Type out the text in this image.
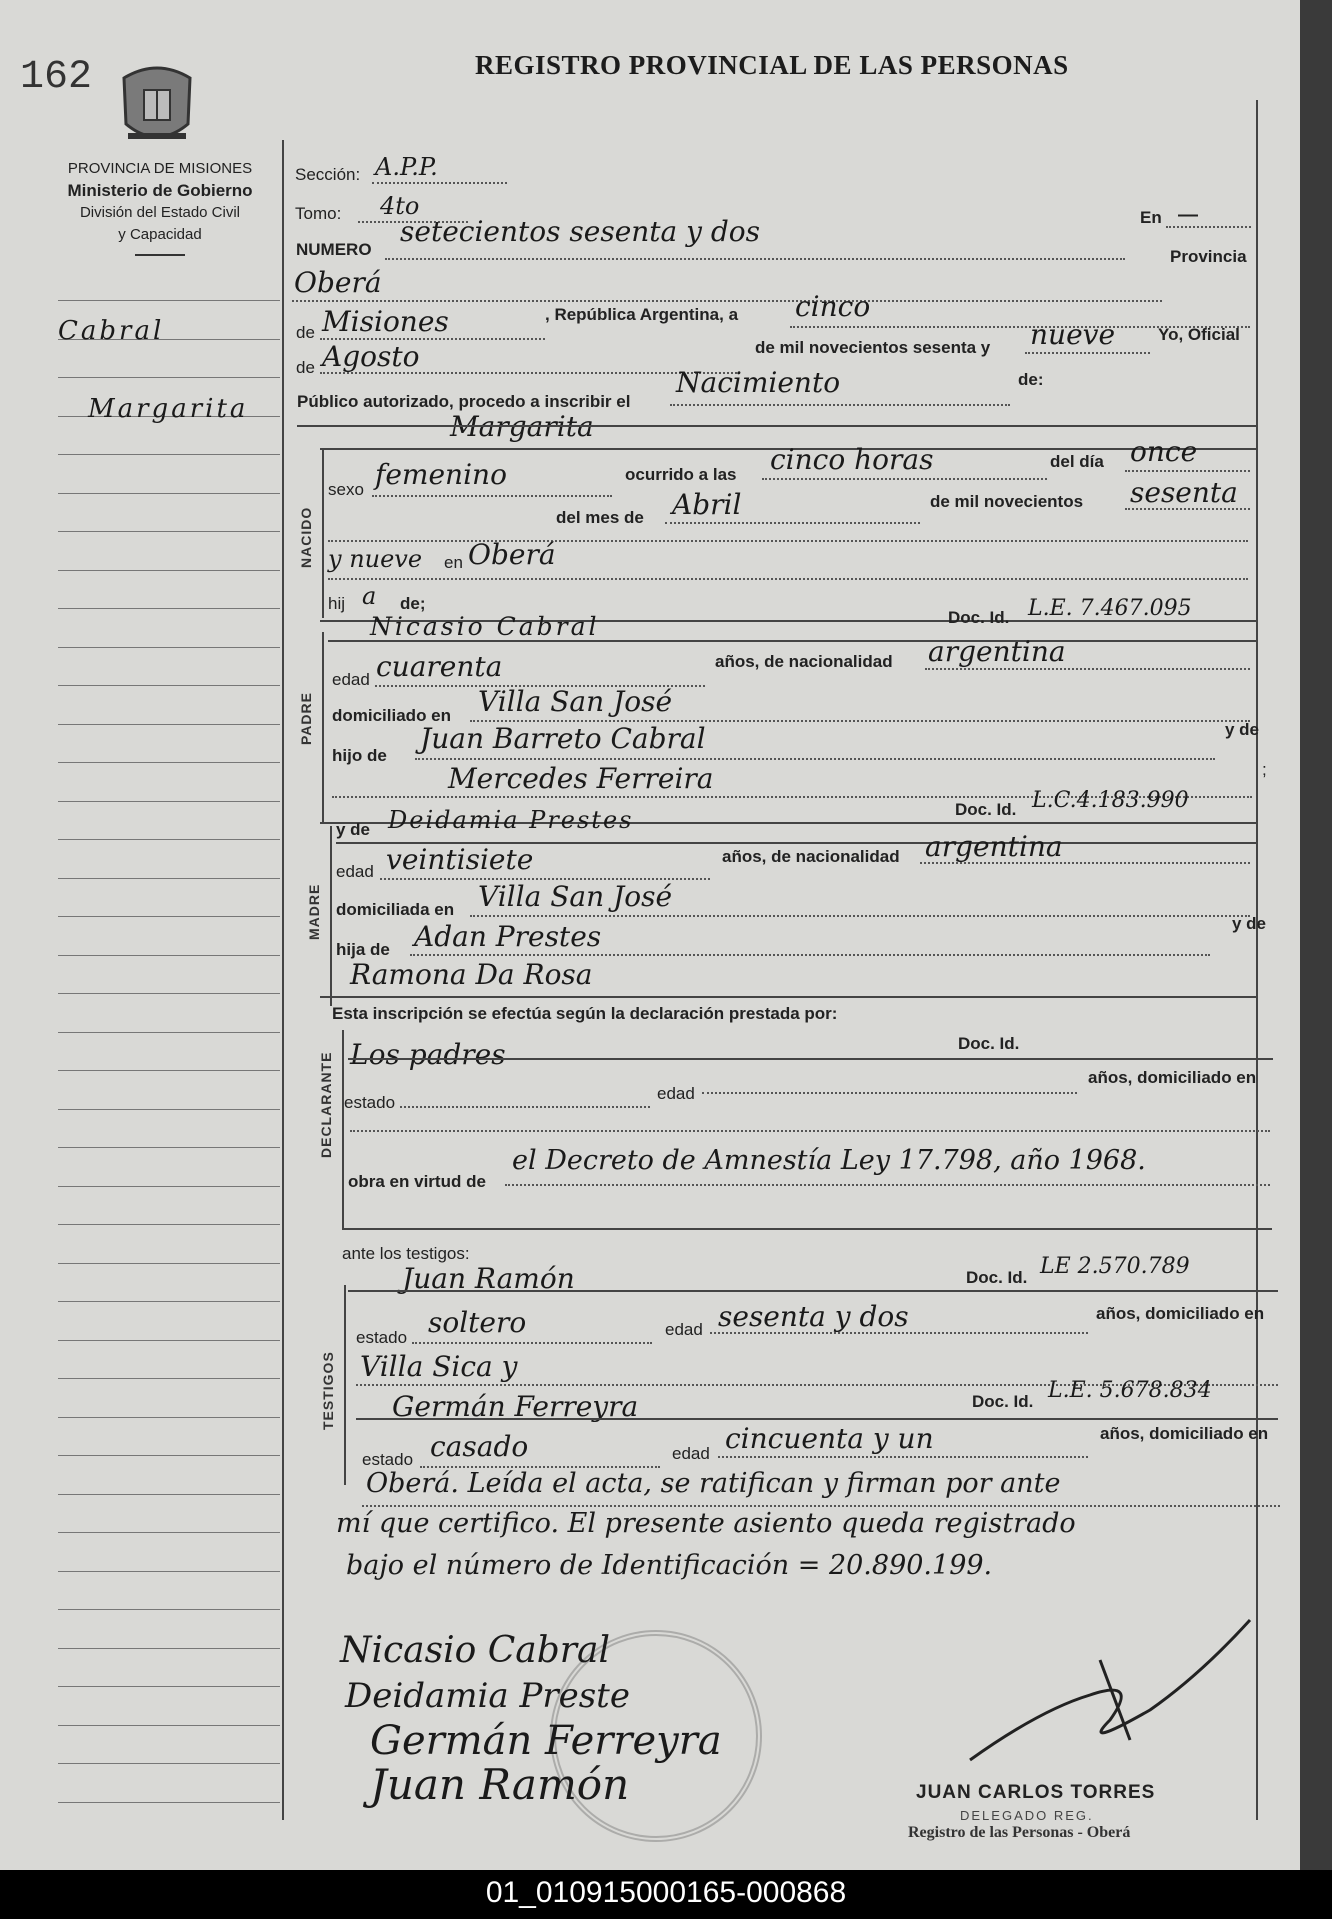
162	REGISTRO PROVINCIAL DE LAS PERSONAS
PROVINCIA DE MISIONES
Ministerio de Gobierno
División del Estado Civil
y Capacidad
Cabral
Margarita
Sección: A.P.P.
Tomo: 4to
NUMERO
setecientos sesenta y dos	En —
Oberá
Provincia
de Misiones	, República Argentina, a cinco
de Agosto	de mil novecientos sesenta y nueve	Yo, Oficial
Público autorizado, procedo a inscribir el
Nacimiento	de:
Margarita
NACIDO
sexo femenino	ocurrido a las cinco horas	del día once
del mes de Abril	de mil novecientos sesenta
y nueve en Oberá
hij a de;
PADRE
Nicasio Cabral	Doc. Id. L.E. 7.467.095
edad cuarenta	años, de nacionalidad argentina
domiciliado en Villa San José
hijo de
Juan Barreto Cabral	y de
Mercedes Ferreira	;
MADRE
y de Deidamia Prestes	Doc. Id. L.C.4.183.990
edad veintisiete	años, de nacionalidad argentina
domiciliada en Villa San José
hija de Adan Prestes	y de
Ramona Da Rosa
Esta inscripción se efectúa según la declaración prestada por:
DECLARANTE Los padres	Doc. Id.
estado	edad
años, domiciliado en
obra en virtud de
el Decreto de Amnestía Ley 17.798, año 1968.
ante los testigos:
TESTIGOS
Juan Ramón	Doc. Id. LE 2.570.789
estado soltero	edad sesenta y dos	años, domiciliado en
Villa Sica y
Germán Ferreyra	Doc. Id. L.E. 5.678.834
estado casado	edad cincuenta y un	años, domiciliado en
Oberá. Leída el acta, se ratifican y firman por ante
mí que certifico. El presente asiento queda registrado
bajo el número de Identificación = 20.890.199.
Nicasio Cabral
Deidamia Preste
Germán Ferreyra
Juan Ramón	JUAN CARLOS TORRES
DELEGADO REG.
Registro de las Personas - Oberá
01_010915000165-000868
